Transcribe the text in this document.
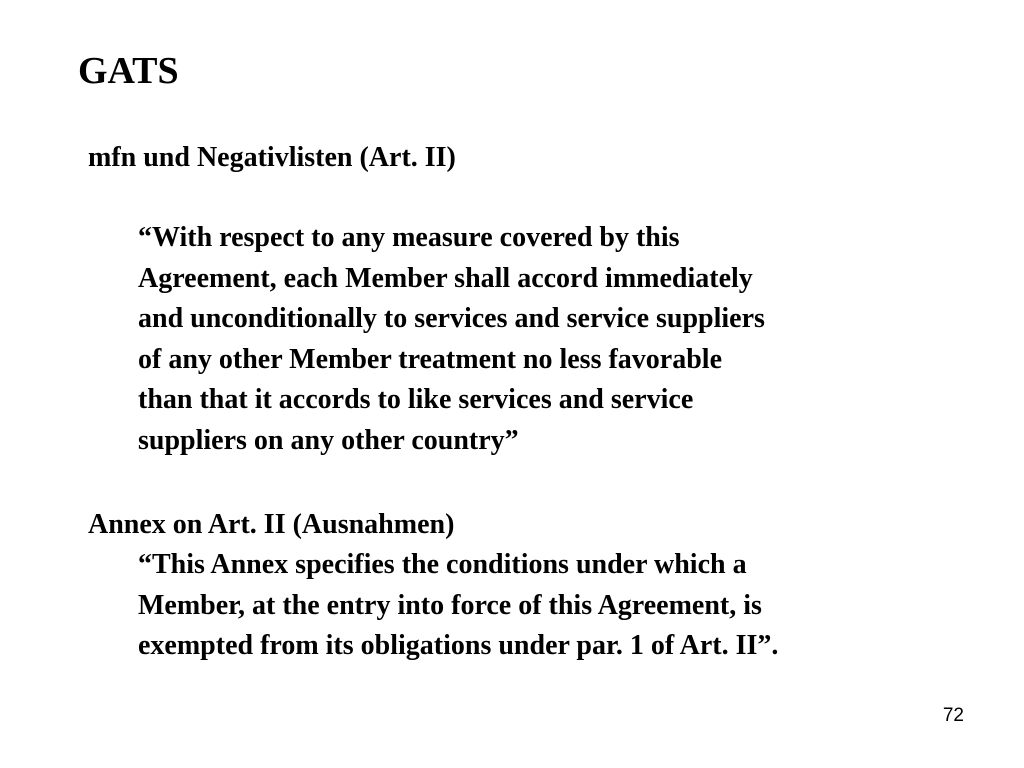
GATS
mfn und Negativlisten (Art. II)

“With respect to any measure covered by this
Agreement, each Member shall accord immediately
and unconditionally to services and service suppliers
of any other Member treatment no less favorable
than that it accords to like services and service
suppliers on any other country”

Annex on Art. II (Ausnahmen)

“This Annex specifies the conditions under which a
Member, at the entry into force of this Agreement, is
exempted from its obligations under par. 1 of Art. II”.

72
